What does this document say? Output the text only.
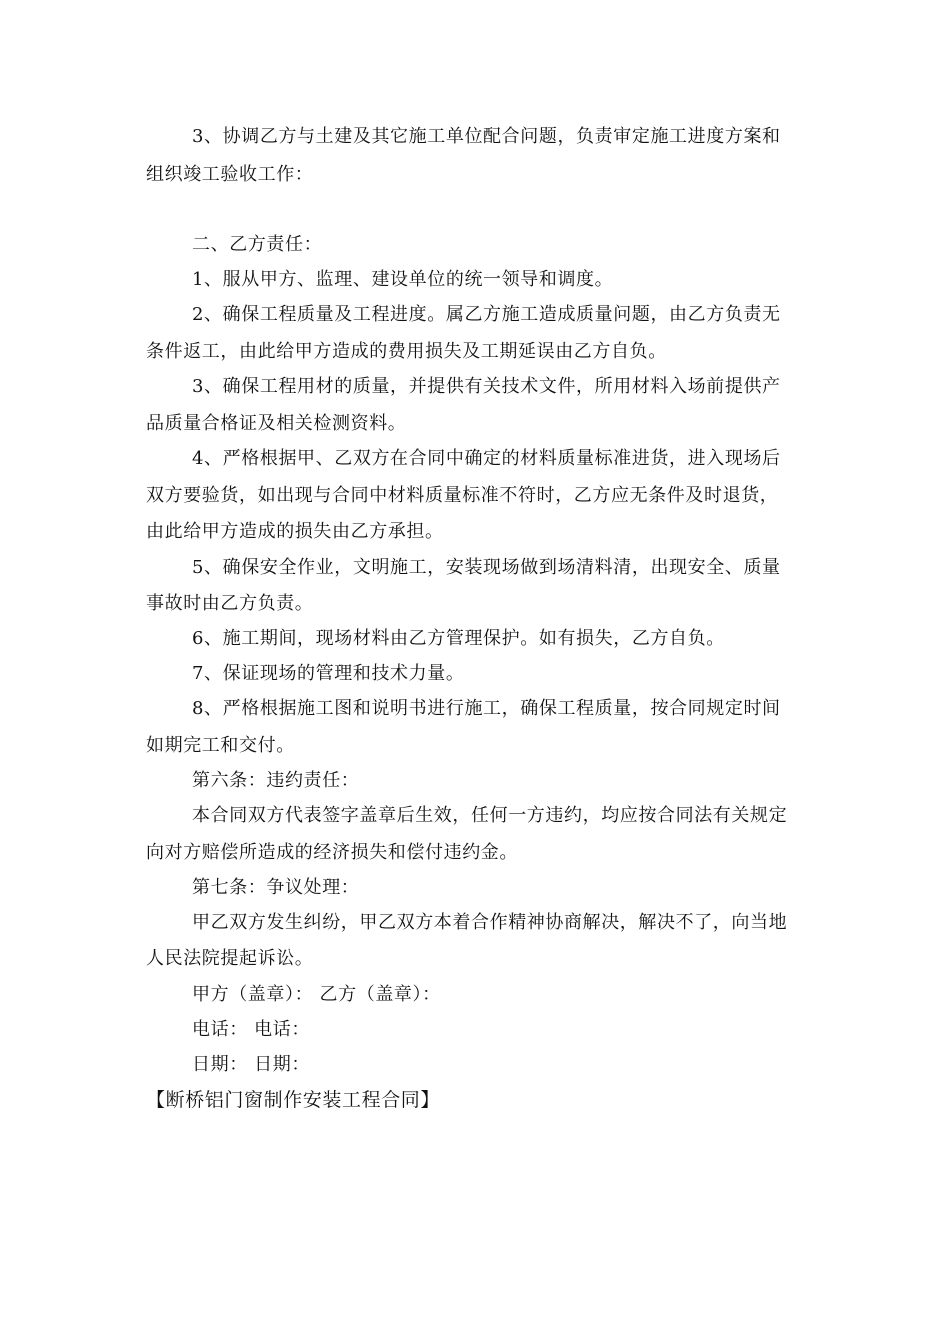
3、协调乙方与土建及其它施工单位配合问题，负责审定施工进度方案和
组织竣工验收工作：
二、乙方责任：
1、服从甲方、监理、建设单位的统一领导和调度。
2、确保工程质量及工程进度。属乙方施工造成质量问题，由乙方负责无
条件返工，由此给甲方造成的费用损失及工期延误由乙方自负。
3、确保工程用材的质量，并提供有关技术文件，所用材料入场前提供产
品质量合格证及相关检测资料。
4、严格根据甲、乙双方在合同中确定的材料质量标准进货，进入现场后
双方要验货，如出现与合同中材料质量标准不符时，乙方应无条件及时退货，
由此给甲方造成的损失由乙方承担。
5、确保安全作业，文明施工，安装现场做到场清料清，出现安全、质量
事故时由乙方负责。
6、施工期间，现场材料由乙方管理保护。如有损失，乙方自负。
7、保证现场的管理和技术力量。
8、严格根据施工图和说明书进行施工，确保工程质量，按合同规定时间
如期完工和交付。
第六条：违约责任：
本合同双方代表签字盖章后生效，任何一方违约，均应按合同法有关规定
向对方赔偿所造成的经济损失和偿付违约金。
第七条：争议处理：
甲乙双方发生纠纷，甲乙双方本着合作精神协商解决，解决不了，向当地
人民法院提起诉讼。
甲方（盖章）： 乙方（盖章）：
电话： 电话：
日期： 日期：
【断桥铝门窗制作安装工程合同】
